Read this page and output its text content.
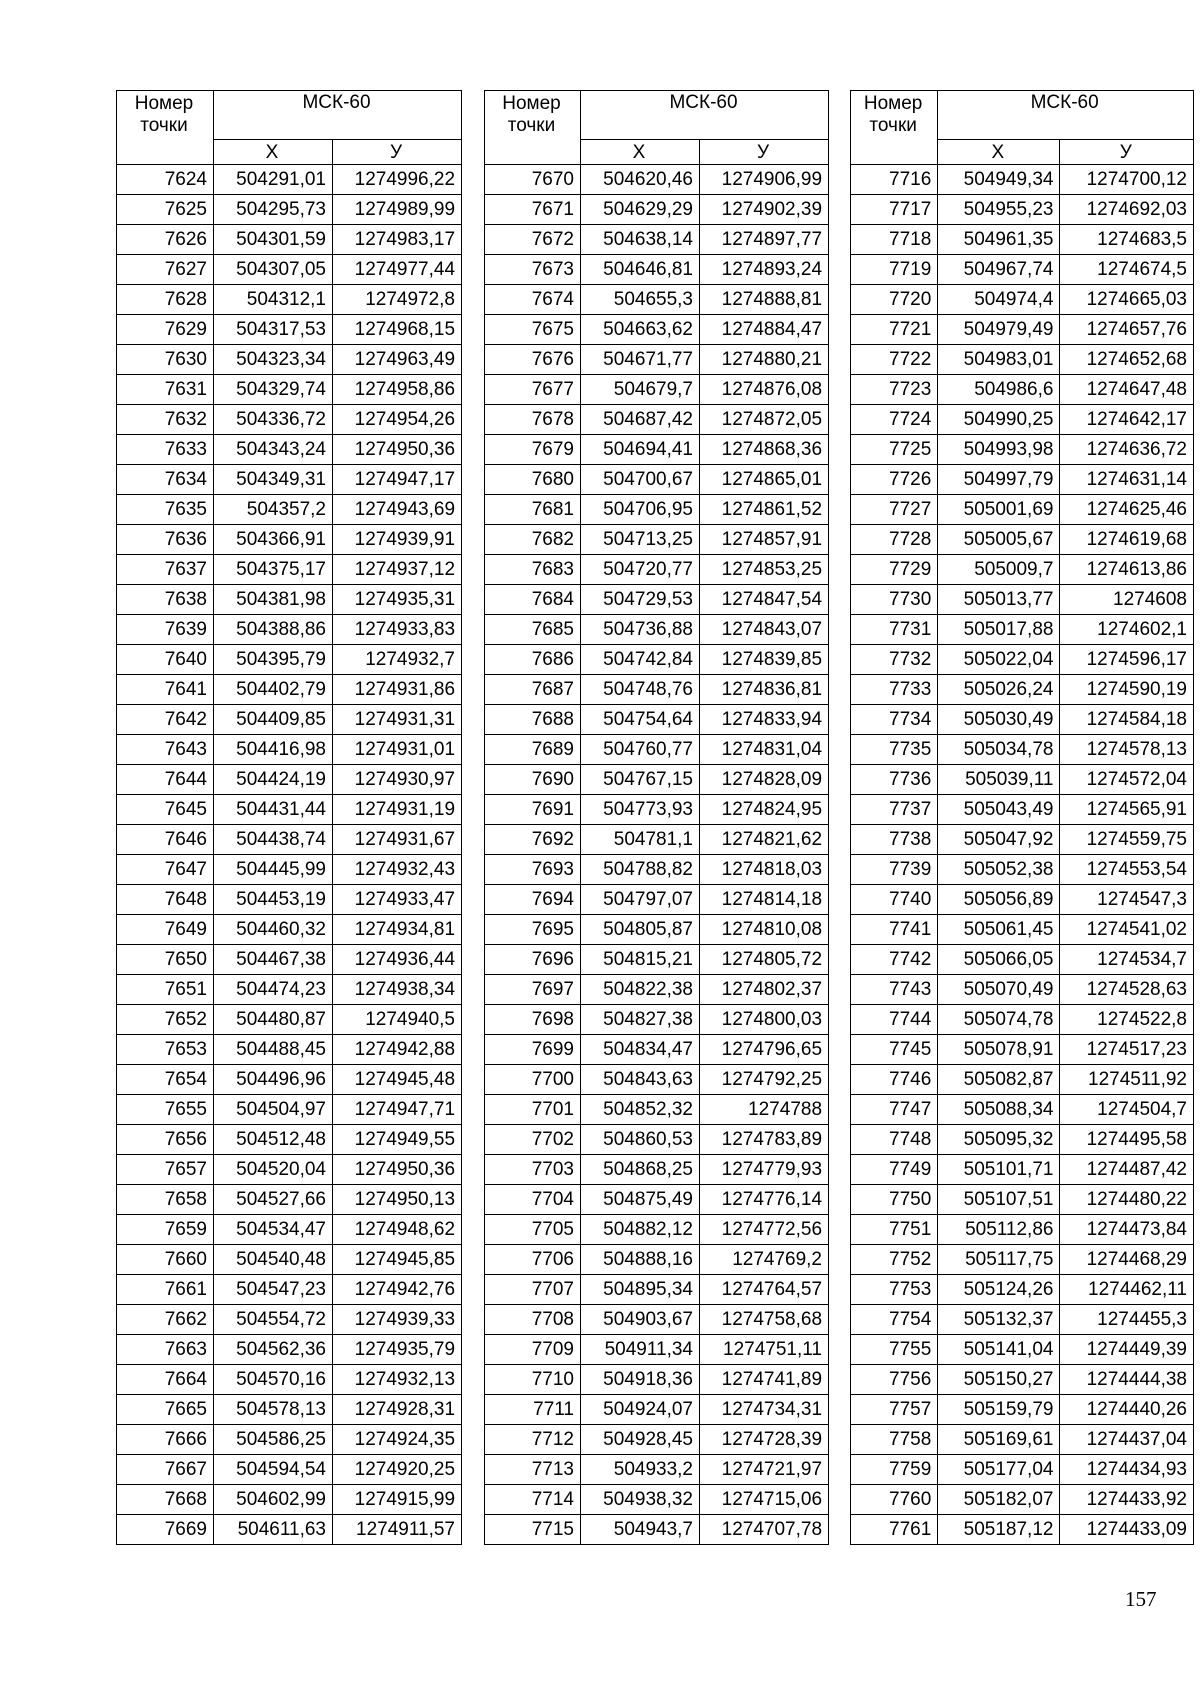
Номер точки	МСК-60	
	Х	У
7624	504291,01	1274996,22
7625	504295,73	1274989,99
7626	504301,59	1274983,17
7627	504307,05	1274977,44
7628	504312,1	1274972,8
7629	504317,53	1274968,15
7630	504323,34	1274963,49
7631	504329,74	1274958,86
7632	504336,72	1274954,26
7633	504343,24	1274950,36
7634	504349,31	1274947,17
7635	504357,2	1274943,69
7636	504366,91	1274939,91
7637	504375,17	1274937,12
7638	504381,98	1274935,31
7639	504388,86	1274933,83
7640	504395,79	1274932,7
7641	504402,79	1274931,86
7642	504409,85	1274931,31
7643	504416,98	1274931,01
7644	504424,19	1274930,97
7645	504431,44	1274931,19
7646	504438,74	1274931,67
7647	504445,99	1274932,43
7648	504453,19	1274933,47
7649	504460,32	1274934,81
7650	504467,38	1274936,44
7651	504474,23	1274938,34
7652	504480,87	1274940,5
7653	504488,45	1274942,88
7654	504496,96	1274945,48
7655	504504,97	1274947,71
7656	504512,48	1274949,55
7657	504520,04	1274950,36
7658	504527,66	1274950,13
7659	504534,47	1274948,62
7660	504540,48	1274945,85
7661	504547,23	1274942,76
7662	504554,72	1274939,33
7663	504562,36	1274935,79
7664	504570,16	1274932,13
7665	504578,13	1274928,31
7666	504586,25	1274924,35
7667	504594,54	1274920,25
7668	504602,99	1274915,99
7669	504611,63	1274911,57
Номер точки	МСК-60	
	Х	У
7670	504620,46	1274906,99
7671	504629,29	1274902,39
7672	504638,14	1274897,77
7673	504646,81	1274893,24
7674	504655,3	1274888,81
7675	504663,62	1274884,47
7676	504671,77	1274880,21
7677	504679,7	1274876,08
7678	504687,42	1274872,05
7679	504694,41	1274868,36
7680	504700,67	1274865,01
7681	504706,95	1274861,52
7682	504713,25	1274857,91
7683	504720,77	1274853,25
7684	504729,53	1274847,54
7685	504736,88	1274843,07
7686	504742,84	1274839,85
7687	504748,76	1274836,81
7688	504754,64	1274833,94
7689	504760,77	1274831,04
7690	504767,15	1274828,09
7691	504773,93	1274824,95
7692	504781,1	1274821,62
7693	504788,82	1274818,03
7694	504797,07	1274814,18
7695	504805,87	1274810,08
7696	504815,21	1274805,72
7697	504822,38	1274802,37
7698	504827,38	1274800,03
7699	504834,47	1274796,65
7700	504843,63	1274792,25
7701	504852,32	1274788
7702	504860,53	1274783,89
7703	504868,25	1274779,93
7704	504875,49	1274776,14
7705	504882,12	1274772,56
7706	504888,16	1274769,2
7707	504895,34	1274764,57
7708	504903,67	1274758,68
7709	504911,34	1274751,11
7710	504918,36	1274741,89
7711	504924,07	1274734,31
7712	504928,45	1274728,39
7713	504933,2	1274721,97
7714	504938,32	1274715,06
7715	504943,7	1274707,78
Номер точки	МСК-60	
	Х	У
7716	504949,34	1274700,12
7717	504955,23	1274692,03
7718	504961,35	1274683,5
7719	504967,74	1274674,5
7720	504974,4	1274665,03
7721	504979,49	1274657,76
7722	504983,01	1274652,68
7723	504986,6	1274647,48
7724	504990,25	1274642,17
7725	504993,98	1274636,72
7726	504997,79	1274631,14
7727	505001,69	1274625,46
7728	505005,67	1274619,68
7729	505009,7	1274613,86
7730	505013,77	1274608
7731	505017,88	1274602,1
7732	505022,04	1274596,17
7733	505026,24	1274590,19
7734	505030,49	1274584,18
7735	505034,78	1274578,13
7736	505039,11	1274572,04
7737	505043,49	1274565,91
7738	505047,92	1274559,75
7739	505052,38	1274553,54
7740	505056,89	1274547,3
7741	505061,45	1274541,02
7742	505066,05	1274534,7
7743	505070,49	1274528,63
7744	505074,78	1274522,8
7745	505078,91	1274517,23
7746	505082,87	1274511,92
7747	505088,34	1274504,7
7748	505095,32	1274495,58
7749	505101,71	1274487,42
7750	505107,51	1274480,22
7751	505112,86	1274473,84
7752	505117,75	1274468,29
7753	505124,26	1274462,11
7754	505132,37	1274455,3
7755	505141,04	1274449,39
7756	505150,27	1274444,38
7757	505159,79	1274440,26
7758	505169,61	1274437,04
7759	505177,04	1274434,93
7760	505182,07	1274433,92
7761	505187,12	1274433,09
157
